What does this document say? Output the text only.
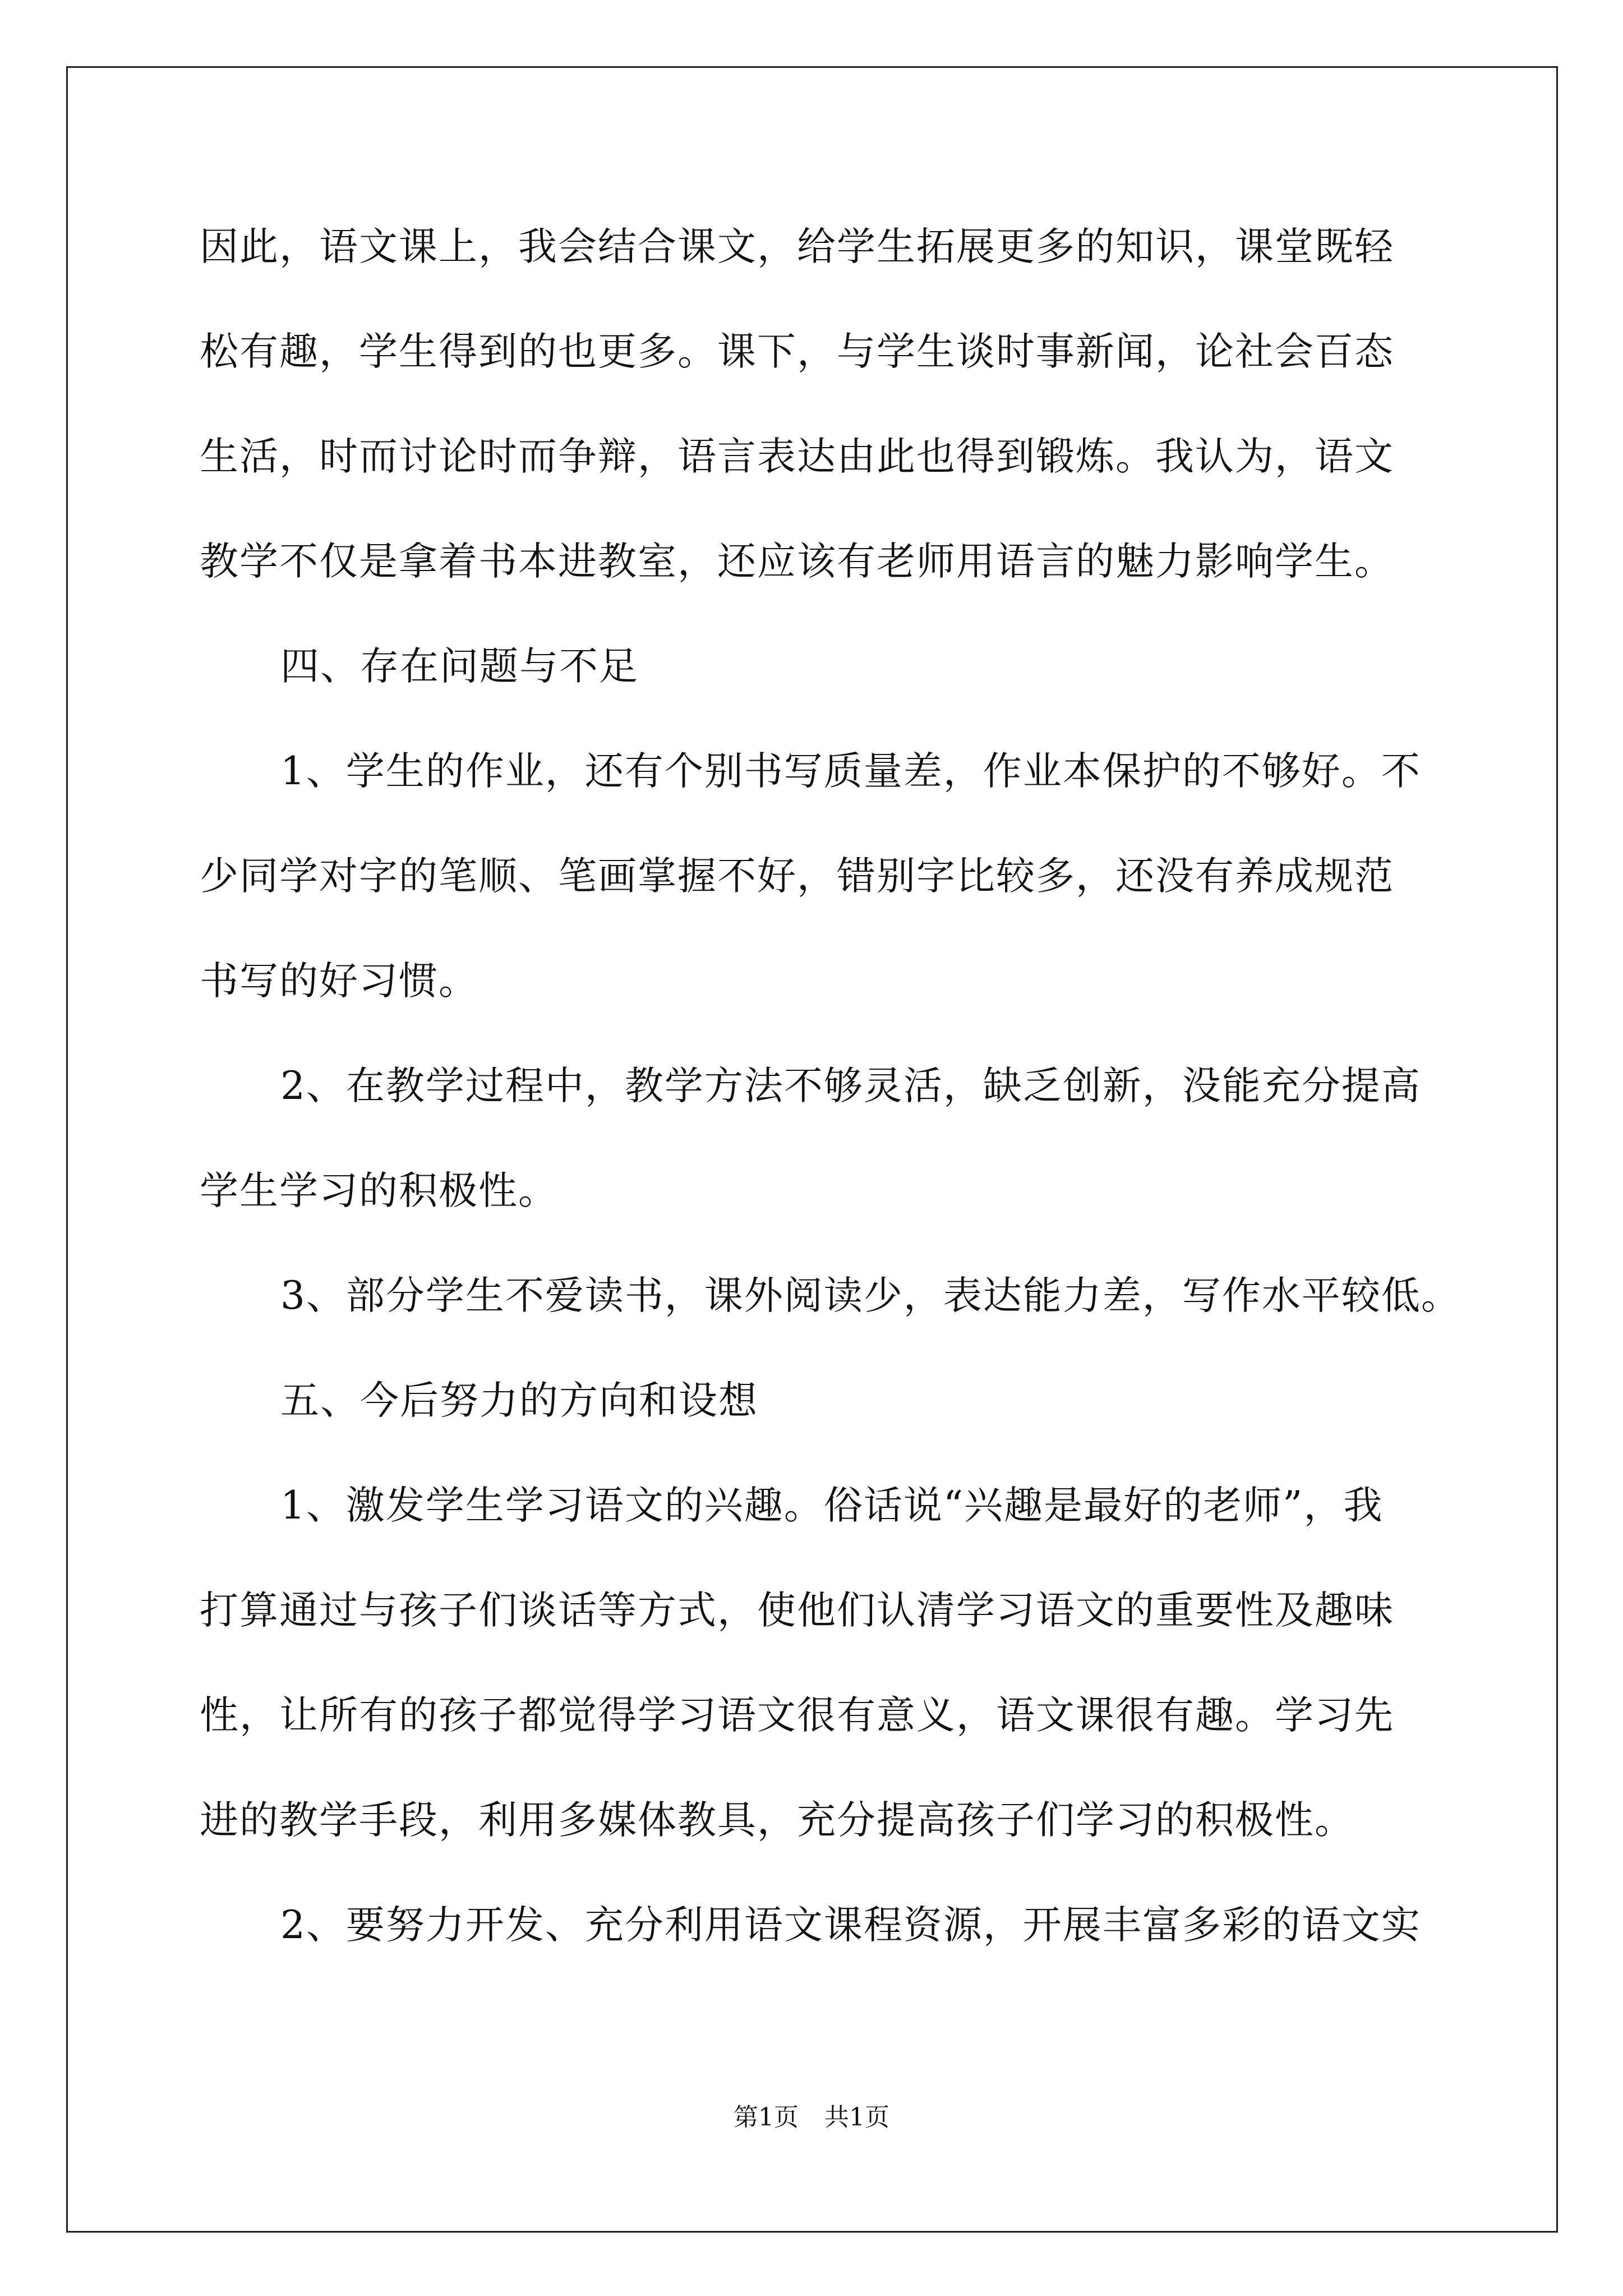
因此，语文课上，我会结合课文，给学生拓展更多的知识，课堂既轻
松有趣，学生得到的也更多。课下，与学生谈时事新闻，论社会百态
生活，时而讨论时而争辩，语言表达由此也得到锻炼。我认为，语文
教学不仅是拿着书本进教室，还应该有老师用语言的魅力影响学生。
四、存在问题与不足
1、学生的作业，还有个别书写质量差，作业本保护的不够好。不
少同学对字的笔顺、笔画掌握不好，错别字比较多，还没有养成规范
书写的好习惯。
2、在教学过程中，教学方法不够灵活，缺乏创新，没能充分提高
学生学习的积极性。
3、部分学生不爱读书，课外阅读少，表达能力差，写作水平较低。
五、今后努力的方向和设想
1、激发学生学习语文的兴趣。俗话说“兴趣是最好的老师”，我
打算通过与孩子们谈话等方式，使他们认清学习语文的重要性及趣味
性，让所有的孩子都觉得学习语文很有意义，语文课很有趣。学习先
进的教学手段，利用多媒体教具，充分提高孩子们学习的积极性。
2、要努力开发、充分利用语文课程资源，开展丰富多彩的语文实
第1页 共1页
